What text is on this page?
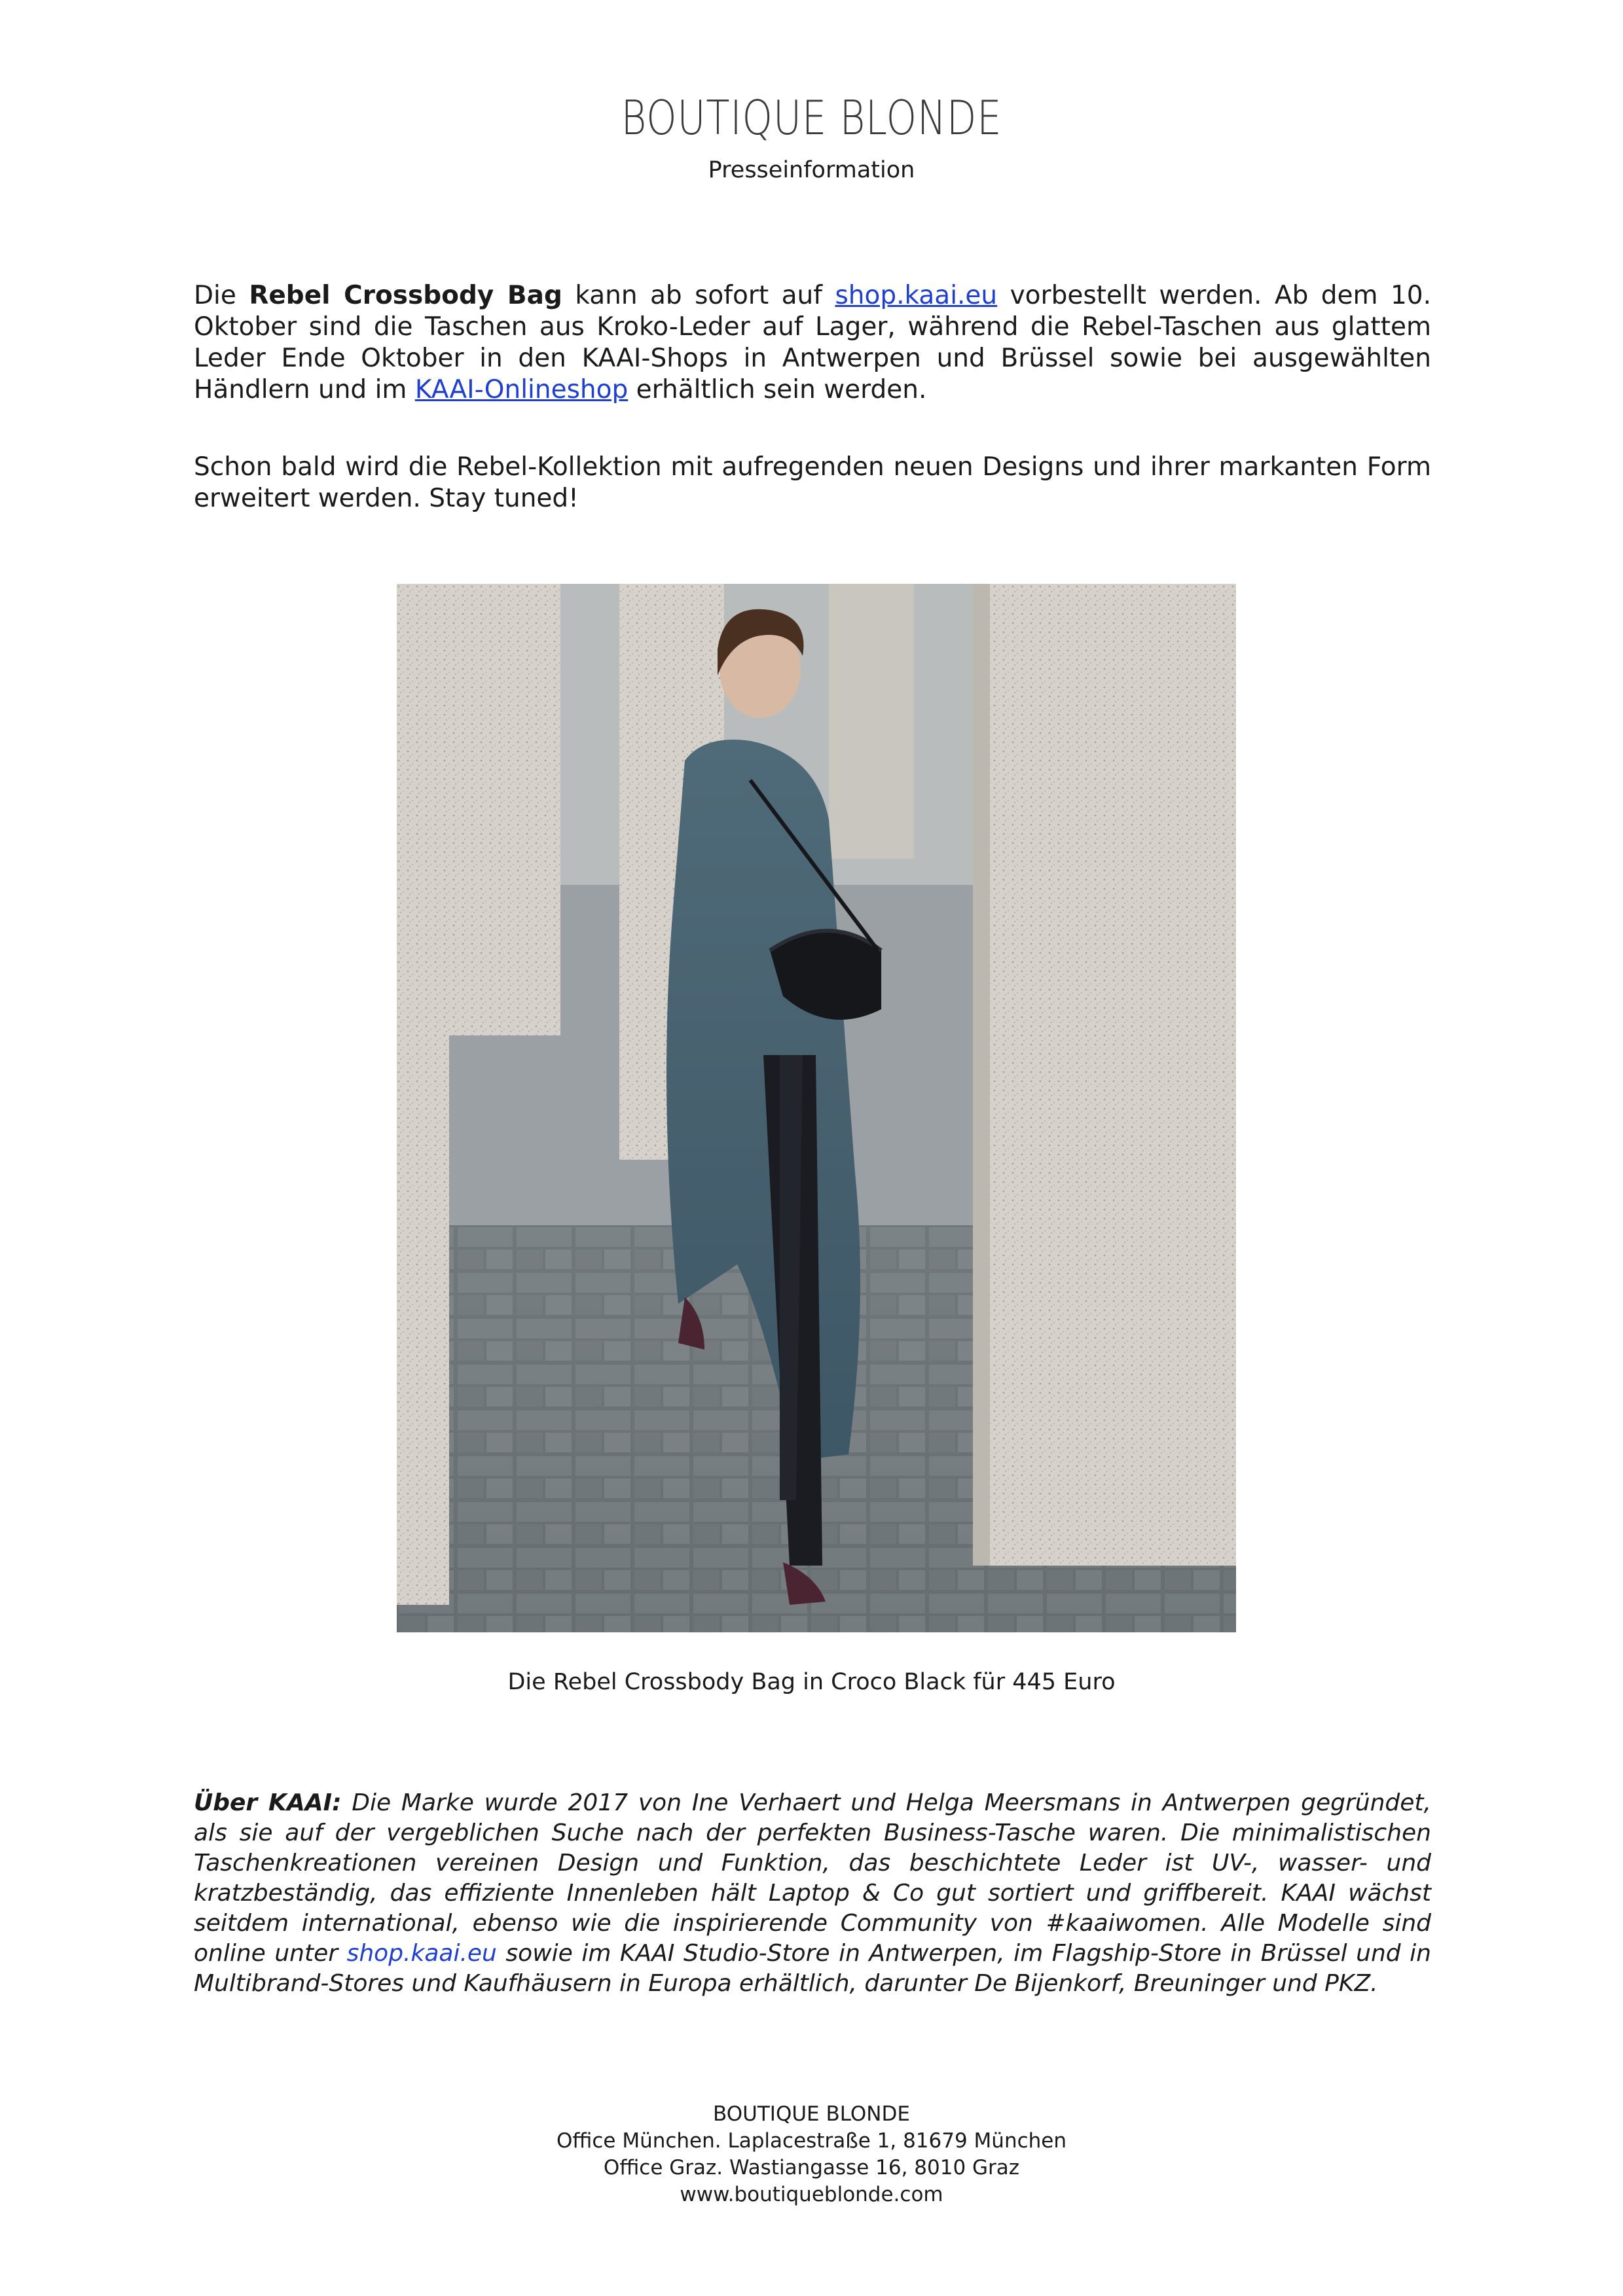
BOUTIQUE BLONDE
Presseinformation
Die Rebel Crossbody Bag kann ab sofort auf shop.kaai.eu vorbestellt werden. Ab dem 10. Oktober sind die Taschen aus Kroko-Leder auf Lager, während die Rebel-Taschen aus glattem Leder Ende Oktober in den KAAI-Shops in Antwerpen und Brüssel sowie bei ausgewählten Händlern und im KAAI-Onlineshop erhältlich sein werden.
Schon bald wird die Rebel-Kollektion mit aufregenden neuen Designs und ihrer markanten Form erweitert werden. Stay tuned!
Die Rebel Crossbody Bag in Croco Black für 445 Euro
Über KAAI: Die Marke wurde 2017 von Ine Verhaert und Helga Meersmans in Antwerpen gegründet, als sie auf der vergeblichen Suche nach der perfekten Business-Tasche waren. Die minimalistischen Taschenkreationen vereinen Design und Funktion, das beschichtete Leder ist UV-, wasser- und kratzbeständig, das effiziente Innenleben hält Laptop & Co gut sortiert und griffbereit. KAAI wächst seitdem international, ebenso wie die inspirierende Community von #kaaiwomen. Alle Modelle sind online unter shop.kaai.eu sowie im KAAI Studio-Store in Antwerpen, im Flagship-Store in Brüssel und in Multibrand-Stores und Kaufhäusern in Europa erhältlich, darunter De Bijenkorf, Breuninger und PKZ.
BOUTIQUE BLONDE
Office München. Laplacestraße 1, 81679 München
Office Graz. Wastiangasse 16, 8010 Graz
www.boutiqueblonde.com
